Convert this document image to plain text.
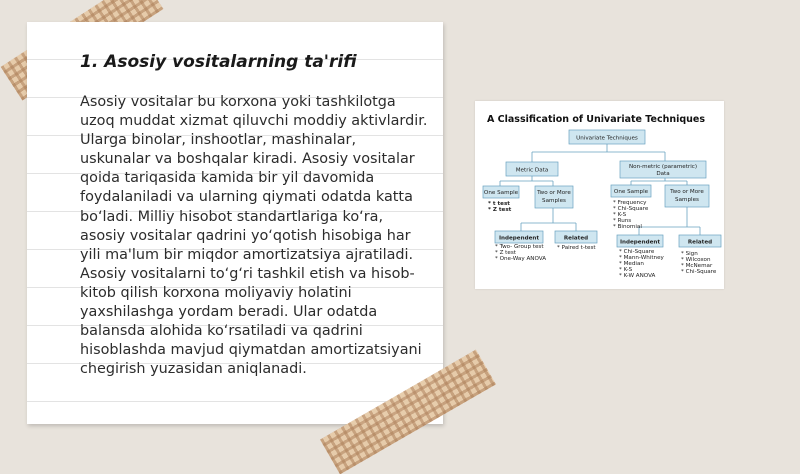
1. Asosiy vositalarning ta'rifi

Asosiy vositalar bu korxona yoki tashkilotga uzoq muddat xizmat qiluvchi moddiy aktivlardir. Ularga binolar, inshootlar, mashinalar, uskunalar va boshqalar kiradi. Asosiy vositalar qoida tariqasida kamida bir yil davomida foydalaniladi va ularning qiymati odatda katta bo‘ladi. Milliy hisobot standartlariga ko‘ra, asosiy vositalar qadrini yo‘qotish hisobiga har yili ma'lum bir miqdor amortizatsiya ajratiladi. Asosiy vositalarni to‘g‘ri tashkil etish va hisob-kitob qilish korxona moliyaviy holatini yaxshilashga yordam beradi. Ular odatda balansda alohida ko‘rsatiladi va qadrini hisoblashda mavjud qiymatdan amortizatsiyani chegirish yuzasidan aniqlanadi.

A Classification of Univariate Techniques
Univariate Techniques
Metric Data
One Sample
* t test
* Z test
Two or More
Samples
Independent
* Two- Group test
* Z test
* One-Way ANOVA
Related
* Paired t-test
Non-metric (parametric)
Data
One Sample
* Frequency
* Chi-Square
* K-S
* Runs
* Binomial
Two or More
Samples
Independent
* Chi-Square
* Mann-Whitney
* Median
* K-S
* K-W ANOVA
Related
* Sign
* Wilcoxon
* McNemar
* Chi-Square
